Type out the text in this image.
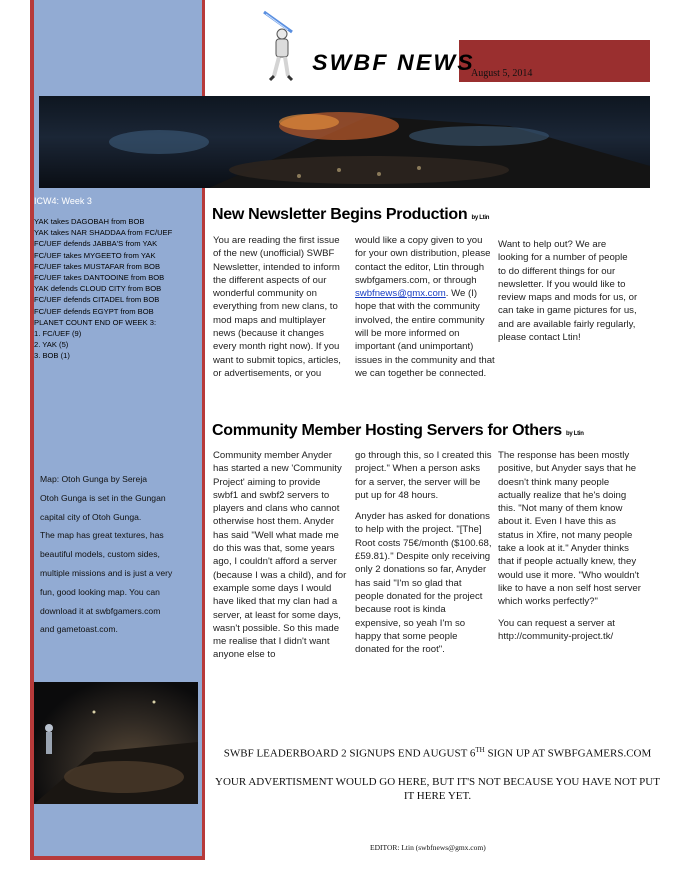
SWBF NEWS
August 5, 2014
ICW4: Week 3
YAK takes DAGOBAH from BOB
YAK takes NAR SHADDAA from FC/UEF
FC/UEF defends JABBA'S from YAK
FC/UEF takes MYGEETO from YAK
FC/UEF takes MUSTAFAR from BOB
FC/UEF takes DANTOOINE from BOB
YAK defends CLOUD CITY from BOB
FC/UEF defends CITADEL from BOB
FC/UEF defends EGYPT from BOB
PLANET COUNT END OF WEEK 3:
1. FC/UEF (9)
2. YAK (5)
3. BOB (1)
Map: Otoh Gunga by Sereja
Otoh Gunga is set in the Gungan
capital city of Otoh Gunga.
The map has great textures, has
beautiful models, custom sides,
multiple missions and is just a very
fun, good looking map. You can
download it at swbfgamers.com
and gametoast.com.
New Newsletter Begins Production by Ltin

You are reading the first issue of the new (unofficial) SWBF Newsletter, intended to inform the different aspects of our wonderful community on everything from new clans, to mod maps and multiplayer news (because it changes every month right now). If you want to submit topics, articles, or advertisements, or you

would like a copy given to you for your own distribution, please contact the editor, Ltin through swbfgamers.com, or through swbfnews@gmx.com. We (I) hope that with the community involved, the entire community will be more informed on important (and unimportant) issues in the community and that we can together be connected.

Want to help out? We are looking for a number of people to do different things for our newsletter. If you would like to review maps and mods for us, or can take in game pictures for us, and are available fairly regularly, please contact Ltin!

Community Member Hosting Servers for Others by Ltin

Community member Anyder has started a new 'Community Project' aiming to provide swbf1 and swbf2 servers to players and clans who cannot otherwise host them. Anyder has said "Well what made me do this was that, some years ago, I couldn't afford a server (because I was a child), and for example some days I would have liked that my clan had a server, at least for some days, wasn't possible. So this made me realise that I didn't want anyone else to

go through this, so I created this project." When a person asks for a server, the server will be put up for 48 hours.

Anyder has asked for donations to help with the project. "[The] Root costs 75€/month ($100.68, £59.81)." Despite only receiving only 2 donations so far, Anyder has said "I'm so glad that people donated for the project because root is kinda expensive, so yeah I'm so happy that some people donated for the root".

The response has been mostly positive, but Anyder says that he doesn't think many people actually realize that he's doing this. "Not many of them know about it. Even I have this as status in Xfire, not many people take a look at it." Anyder thinks that if people actually knew, they would use it more. "Who wouldn't like to have a non self host server which works perfectly?"

You can request a server at http://community-project.tk/

SWBF LEADERBOARD 2 SIGNUPS END AUGUST 6TH SIGN UP AT SWBFGAMERS.COM
YOUR ADVERTISMENT WOULD GO HERE, BUT IT'S NOT BECAUSE YOU HAVE NOT PUT IT HERE YET.
EDITOR: Ltin (swbfnews@gmx.com)
